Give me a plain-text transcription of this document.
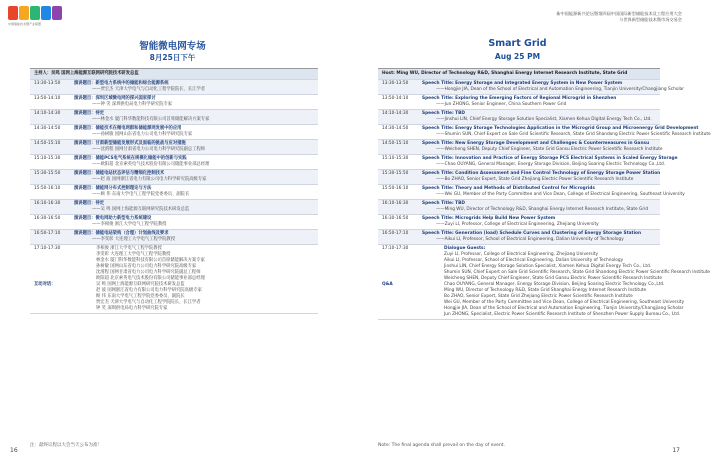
中国储能技术暨产业联盟
智能微电网专场
8月25日下午
主持人：吴鸣 国网上海能源互联网研究院技术研发总监
13:30-13:50	演讲题目：新型电力系统中的储能和综合能源系统
——贾宏杰 天津大学电气与自动化工程学院院长、长江学者
13:50-14:10	演讲题目：深圳区域微电网的探兴国家探讨
——钟 笑 深圳供电局电力科学研究院专家
14:10-14:30	演讲题目：待定
——林金水 厦门科华数能科技有限公司首席储能解决方案专家
14:30-14:50	演讲题目：储能技术在微电网群和储能源网发展中的应用
——孙树敏 国网山东省电力公司电力科学研究院专家
14:50-15:10	演讲题目：甘肃新型储能发展形式及面临的挑战与应对措施
——沈渭程 国网甘肃省电力公司电力科学研究院副总工程师
15:10-15:30	演讲题目：储能PCS电气系统在规模化储能中的创新与实践
——欧阳超 北京索英电气技术股份有限公司储能事业部总经理
15:30-15:50	演讲题目：储能电站状态评估与精细化控制技术
——赵 波 国网浙江省电力有限公司电力科学研究院高级专家
15:50-16:10	演讲题目：储能网分布式控制理论与方法
——顾 伟 东南大学电气工程学院党委委员、副院长
16:10-16:30	演讲题目：待定
——吴 鸣 国网上海能源互联网研究院技术研发总监
16:30-16:50	演讲题目：微电网助力新型电力系统建设
——李相俊 浙江大学电气工程学院教授
16:50-17:10	演讲题目：储能电站架构（合理）计划曲线及要求
——李雯彰 大连理工大学电气工程学院教授
17:10-17:30
互动对话：
李相俊 浙江大学电气工程学院教授
李雯彰 大连理工大学电气工程学院教授
林金水 厦门科华数能科技有限公司首席储能解决方案专家
孙树敏 国网山东省电力公司电力科学研究院高级专家
沈渭程 国网甘肃省电力公司电力科学研究院副总工程师
欧阳超 北京索英电气技术股份有限公司储能事业部总经理
吴 鸣 国网上海能源互联网研究院技术研发总监
赵 波 国网浙江省电力有限公司电力科学研究院高级专家
顾 伟 东南大学电气工程学院党委委员、副院长
贾宏杰 天津大学电气与自动化工程学院院长、长江学者
钟 笑 深圳供电局电力科学研究院专家
注：最终议程以大会当天公布为准！
16
新中国能源新兴论坛暨第四届中国国际新型储能技术及工程应用大会
与世界新型储能技术暨市场交易会
Smart Grid
Aug 25 PM
Host: Ming WU, Director of Technology R&D, Shanghai Energy Internet Research Institute, State Grid
13:30-13:50	Speech Title: Energy Storage and Integrated Energy System in New Power System
——Hongjie JIA, Dean of the School of Electrical and Automation Engineering, Tianjin University/Changjiang Scholar
13:50-14:10	Speech Title: Exploring the Emerging Factors of Regional Microgrid in Shenzhen
——Jun ZHONG, Senior Engineer, China Southern Power Grid
14:10-14:30	Speech Title: TBD
——Jinshui LIN, Chief Energy Storage Solution Specialist, Xiamen Kehua Digital Energy Tech Co., Ltd.
14:30-14:50	Speech Title: Energy Storage Technologies Application in the Microgrid Group and Microenergy Grid Development
——Shumin SUN, Chief Expert on Sale Grid Scientific Research, State Grid Shandong Electric Power Scientific Research Institute
14:50-15:10	Speech Title: New Energy Storage Development and Challenges & Countermeasures in Gansu
——Weicheng SHEN, Deputy Chief Engineer, State Grid Gansu Electric Power Scientific Research Institute
15:10-15:30	Speech Title: Innovation and Practice of Energy Storage PCS Electrical Systems in Scaled Energy Storage
——Chao OUYANG, General Manager, Energy Storage Division, Beijing Soaring Electric Technology Co.,Ltd.
15:30-15:50	Speech Title: Condition Assessment and Fine Control Technology of Energy Storage Power Station
——Bo ZHAO, Senior Expert, State Grid Zhejiang Electric Power Scientific Research Institute
15:50-16:10	Speech Title: Theory and Methods of Distributed Control for Microgrids
——Wei GU, Member of the Party Committee and Vice Dean, College of Electrical Engineering, Southeast University
16:10-16:30	Speech Title: TBD
——Ming WU, Director of Technology R&D, Shanghai Energy Internet Research Institute, State Grid
16:30-16:50	Speech Title: Microgrids Help Build New Power System
——Zuyi LI, Professor, College of Electrical Engineering, Zhejiang University
16:50-17:10	Speech Title: Generation (load) Schedule Curves and Clustering of Energy Storage Station
——Aikui LI, Professor, School of Electrical Engineering, Dalian University of Technology
17:10-17:30
Q&A
Dialogue Guests:
Zuyi LI, Professor, College of Electrical Engineering, Zhejiang University
Aikui LI, Professor, School of Electrical Engineering, Dalian University of Technology
Jinshui LIN, Chief Energy Storage Solution Specialist, Xiamen Kehua Digital Energy Tech Co., Ltd.
Shumin SUN, Chief Expert on Sale Grid Scientific Research, State Grid Shandong Electric Power Scientific Research Institute
Weicheng SHEN, Deputy Chief Engineer, State Grid Gansu Electric Power Scientific Research Institute
Chao OUYANG, General Manager, Energy Storage Division, Beijing Soaring Electric Technology Co.,Ltd.
Ming WU, Director of Technology R&D, State Grid Shanghai Energy Internet Research Institute
Bo ZHAO, Senior Expert, State Grid Zhejiang Electric Power Scientific Research Institute
Wei GU, Member of the Party Committee and Vice Dean, College of Electrical Engineering, Southeast University
Hongjie JIA, Dean of the School of Electrical and Automation Engineering, Tianjin University/Changjiang Scholar
Jun ZHONG, Specialist, Electric Power Scientific Research Institute of Shenzhen Power Supply Bureau Co., Ltd.
Note: The final agenda shall prevail on the day of event.
17
